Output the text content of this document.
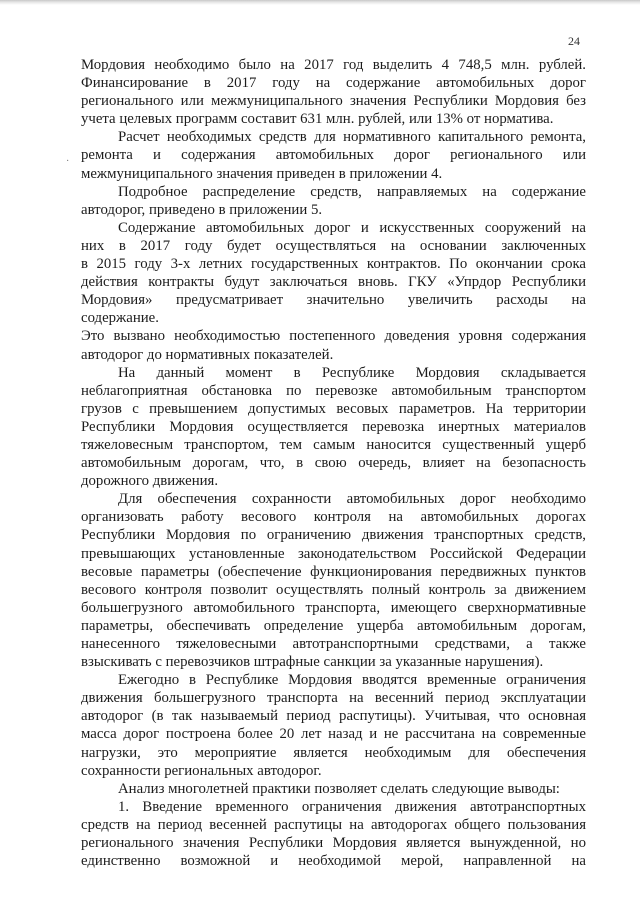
24
·
Мордовия необходимо было на 2017 год выделить 4 748,5 млн. рублей.
Финансирование в 2017 году на содержание автомобильных дорог
регионального или межмуниципального значения Республики Мордовия без
учета целевых программ составит 631 млн. рублей, или 13% от норматива.
Расчет необходимых средств для нормативного капитального ремонта,
ремонта и содержания автомобильных дорог регионального или
межмуниципального значения приведен в приложении 4.
Подробное распределение средств, направляемых на содержание
автодорог, приведено в приложении 5.
Содержание автомобильных дорог и искусственных сооружений на
них в 2017 году будет осуществляться на основании заключенных
в 2015 году 3-х летних государственных контрактов. По окончании срока
действия контракты будут заключаться вновь. ГКУ «Упрдор Республики
Мордовия» предусматривает значительно увеличить расходы на
содержание.
Это вызвано необходимостью постепенного доведения уровня содержания
автодорог до нормативных показателей.
На данный момент в Республике Мордовия складывается
неблагоприятная обстановка по перевозке автомобильным транспортом
грузов с превышением допустимых весовых параметров. На территории
Республики Мордовия осуществляется перевозка инертных материалов
тяжеловесным транспортом, тем самым наносится существенный ущерб
автомобильным дорогам, что, в свою очередь, влияет на безопасность
дорожного движения.
Для обеспечения сохранности автомобильных дорог необходимо
организовать работу весового контроля на автомобильных дорогах
Республики Мордовия по ограничению движения транспортных средств,
превышающих установленные законодательством Российской Федерации
весовые параметры (обеспечение функционирования передвижных пунктов
весового контроля позволит осуществлять полный контроль за движением
большегрузного автомобильного транспорта, имеющего сверхнормативные
параметры, обеспечивать определение ущерба автомобильным дорогам,
нанесенного тяжеловесными автотранспортными средствами, а также
взыскивать с перевозчиков штрафные санкции за указанные нарушения).
Ежегодно в Республике Мордовия вводятся временные ограничения
движения большегрузного транспорта на весенний период эксплуатации
автодорог (в так называемый период распутицы). Учитывая, что основная
масса дорог построена более 20 лет назад и не рассчитана на современные
нагрузки, это мероприятие является необходимым для обеспечения
сохранности региональных автодорог.
Анализ многолетней практики позволяет сделать следующие выводы:
1. Введение временного ограничения движения автотранспортных
средств на период весенней распутицы на автодорогах общего пользования
регионального значения Республики Мордовия является вынужденной, но
единственно возможной и необходимой мерой, направленной на
